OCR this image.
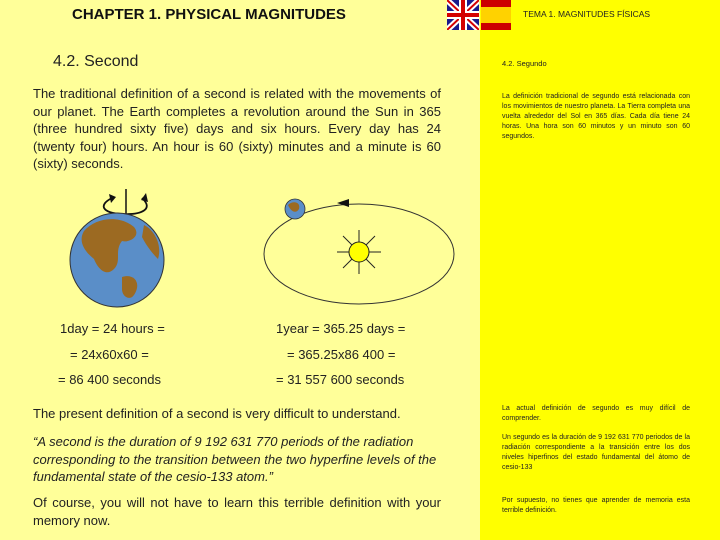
CHAPTER 1. PHYSICAL MAGNITUDES
4.2. Second

The traditional definition of a second is related with the movements of our planet. The Earth completes a revolution around the Sun in 365 (three hundred sixty five) days and six hours. Every day has 24 (twenty four) hours. An hour is 60 (sixty) minutes and a minute is 60 (sixty) seconds.

1day = 24 hours =
= 24x60x60 =
= 86 400 seconds
1year = 365.25 days =
= 365.25x86 400 =
= 31 557 600 seconds

The present definition of a second is very difficult to understand.

“A second is the duration of 9 192 631 770 periods of the radiation corresponding to the transition between the two hyperfine levels of the fundamental state of the cesio-133 atom.”

Of course, you will not have to learn this terrible definition with your memory now.

TEMA 1. MAGNITUDES FÍSICAS
4.2. Segundo

La definición tradicional de segundo está relacionada con los movimientos de nuestro planeta. La Tierra completa una vuelta alrededor del Sol en 365 días. Cada día tiene 24 horas. Una hora son 60 minutos y un minuto son 60 segundos.

La actual definición de segundo es muy difícil de comprender.

Un segundo es la duración de 9 192 631 770 periodos de la radiación correspondiente a la transición entre los dos niveles hiperfinos del estado fundamental del átomo de cesio-133

Por supuesto, no tienes que aprender de memoria esta terrible definición.
